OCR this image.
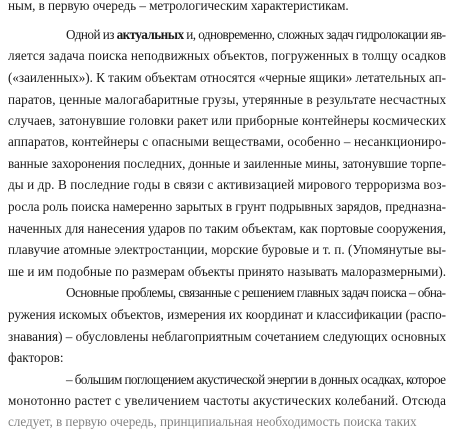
ным, в первую очередь – метрологическим характеристикам.
Одной из актуальных и, одновременно, сложных задач гидролокации яв-
ляется задача поиска неподвижных объектов, погруженных в толщу осадков
(«заиленных»). К таким объектам относятся «черные ящики» летательных ап-
паратов, ценные малогабаритные грузы, утерянные в результате несчастных
случаев, затонувшие головки ракет или приборные контейнеры космических
аппаратов, контейнеры с опасными веществами, особенно – несанкциониро-
ванные захоронения последних, донные и заиленные мины, затонувшие торпе-
ды и др. В последние годы в связи с активизацией мирового терроризма воз-
росла роль поиска намеренно зарытых в грунт подрывных зарядов, предназна-
наченных для нанесения ударов по таким объектам, как портовые сооружения,
плавучие атомные электростанции, морские буровые и т. п. (Упомянутые вы-
ше и им подобные по размерам объекты принято называть малоразмерными).
Основные проблемы, связанные с решением главных задач поиска – обна-
ружения искомых объектов, измерения их координат и классификации (распо-
знавания) – обусловлены неблагоприятным сочетанием следующих основных
факторов:
– большим поглощением акустической энергии в донных осадках, которое
монотонно растет с увеличением частоты акустических колебаний. Отсюда
следует, в первую очередь, принципиальная необходимость поиска таких
